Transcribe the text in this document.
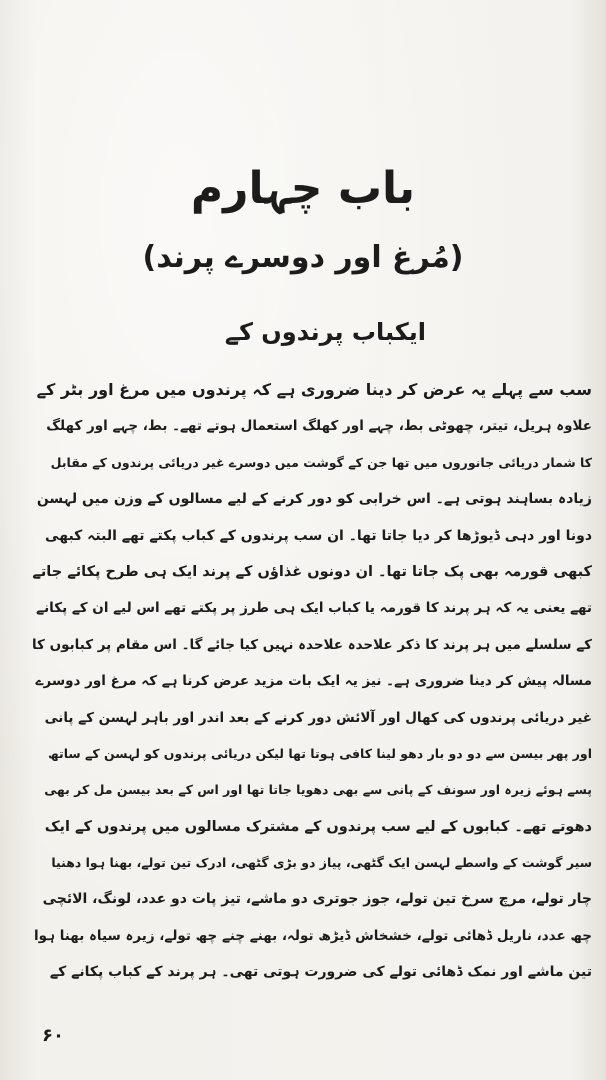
باب چہارم
(مُرغ اور دوسرے پرند)
ایکباب پرندوں کے
سب سے پہلے یہ عرض کر دینا ضروری ہے کہ پرندوں میں مرغ اور بٹر کے
علاوہ ہریل، تیتر، چھوٹی بط، چہے اور کھلگ استعمال ہوتے تھے۔ بط، چہے اور کھلگ
کا شمار دریائی جانوروں میں تھا جن کے گوشت میں دوسرے غیر دریائی پرندوں کے مقابل
زیادہ بساہند ہوتی ہے۔ اس خرابی کو دور کرنے کے لیے مسالوں کے وزن میں لہسن
دونا اور دہی ڈیوڑھا کر دیا جاتا تھا۔ ان سب پرندوں کے کباب پکتے تھے البتہ کبھی
کبھی قورمہ بھی پک جاتا تھا۔ ان دونوں غذاؤں کے پرند ایک ہی طرح پکائے جاتے
تھے یعنی یہ کہ ہر پرند کا قورمہ یا کباب ایک ہی طرز پر پکتے تھے اس لیے ان کے پکانے
کے سلسلے میں ہر پرند کا ذکر علاحدہ علاحدہ نہیں کیا جائے گا۔ اس مقام پر کبابوں کا
مسالہ پیش کر دینا ضروری ہے۔ نیز یہ ایک بات مزید عرض کرنا ہے کہ مرغ اور دوسرے
غیر دریائی پرندوں کی کھال اور آلائش دور کرنے کے بعد اندر اور باہر لہسن کے پانی
اور پھر بیسن سے دو دو بار دھو لینا کافی ہوتا تھا لیکن دریائی پرندوں کو لہسن کے ساتھ
پسے ہوئے زیرہ اور سونف کے پانی سے بھی دھویا جاتا تھا اور اس کے بعد بیسن مل کر بھی
دھوتے تھے۔ کبابوں کے لیے سب پرندوں کے مشترک مسالوں میں پرندوں کے ایک
سیر گوشت کے واسطے لہسن ایک گٹھی، پیاز دو بڑی گٹھی، ادرک تین تولے، بھنا ہوا دھنیا
چار تولے، مرچ سرخ تین تولے، جوز جوتری دو ماشے، تیز پات دو عدد، لونگ، الائچی
چھ عدد، ناریل ڈھائی تولے، خشخاش ڈیڑھ تولہ، بھنے چنے چھ تولے، زیرہ سیاہ بھنا ہوا
تین ماشے اور نمک ڈھائی تولے کی ضرورت ہوتی تھی۔ ہر پرند کے کباب پکانے کے
۶۰
